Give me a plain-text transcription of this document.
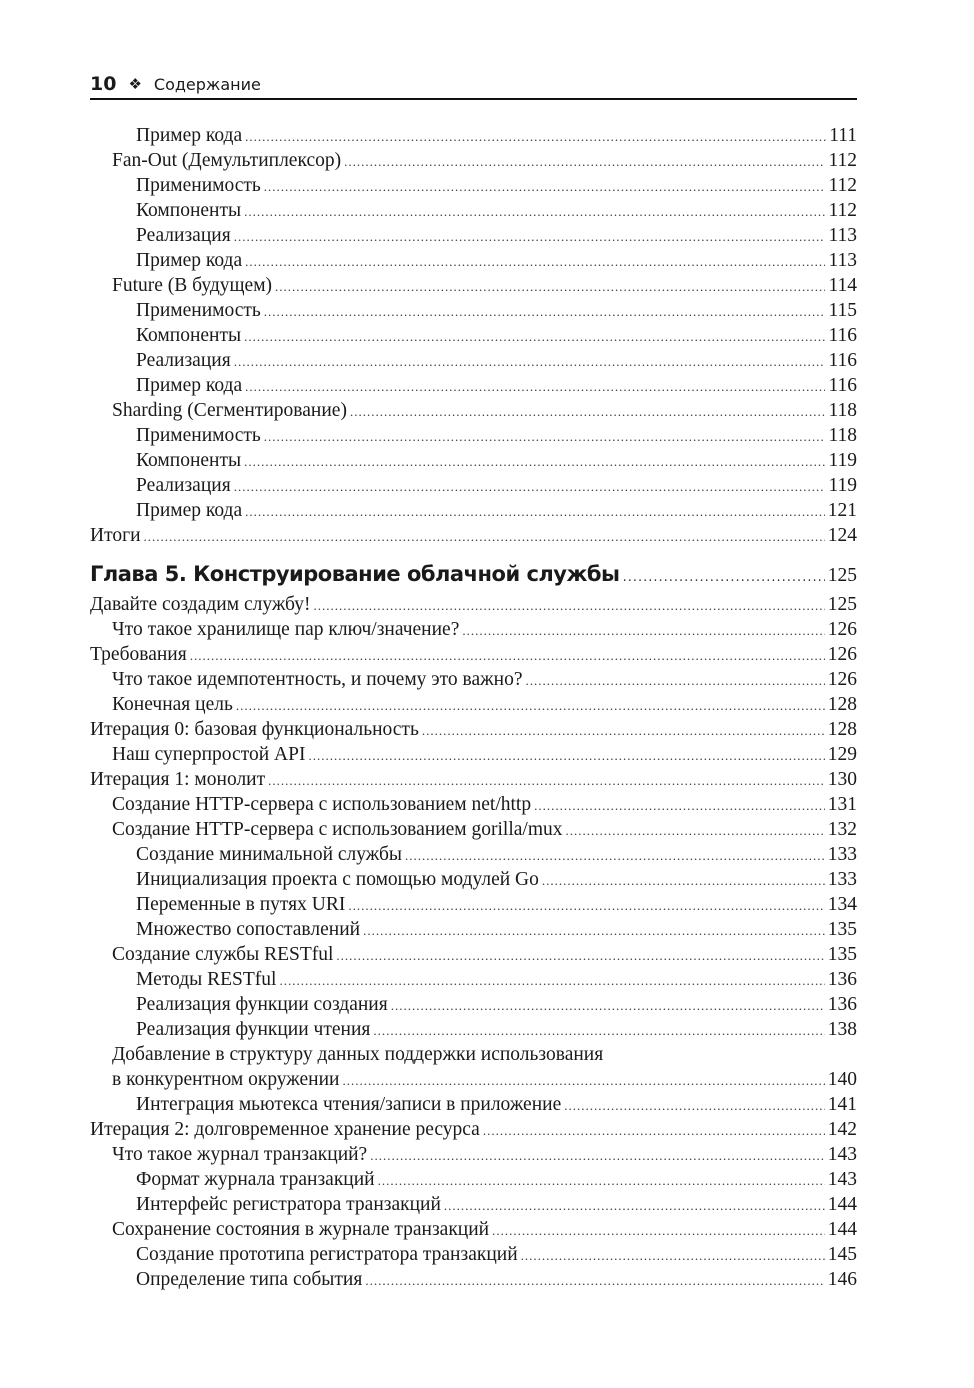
10 ❖ Содержание
Пример кода .....	111
Fan-Out (Демультиплексор) .....	112
Применимость .....	112
Компоненты .....	112
Реализация .....	113
Пример кода .....	113
Future (В будущем) .....	114
Применимость .....	115
Компоненты .....	116
Реализация .....	116
Пример кода .....	116
Sharding (Сегментирование) .....	118
Применимость .....	118
Компоненты .....	119
Реализация .....	119
Пример кода .....	121
Итоги .....	124
Глава 5. Конструирование облачной службы .....	125
Давайте создадим службу! .....	125
Что такое хранилище пар ключ/значение? .....	126
Требования .....	126
Что такое идемпотентность, и почему это важно? .....	126
Конечная цель .....	128
Итерация 0: базовая функциональность .....	128
Наш суперпростой API .....	129
Итерация 1: монолит .....	130
Создание HTTP-сервера с использованием net/http .....	131
Создание HTTP-сервера с использованием gorilla/mux .....	132
Создание минимальной службы .....	133
Инициализация проекта с помощью модулей Go .....	133
Переменные в путях URI .....	134
Множество сопоставлений .....	135
Создание службы RESTful .....	135
Методы RESTful .....	136
Реализация функции создания .....	136
Реализация функции чтения .....	138
Добавление в структуру данных поддержки использования
в конкурентном окружении .....	140
Интеграция мьютекса чтения/записи в приложение .....	141
Итерация 2: долговременное хранение ресурса .....	142
Что такое журнал транзакций? .....	143
Формат журнала транзакций .....	143
Интерфейс регистратора транзакций .....	144
Сохранение состояния в журнале транзакций .....	144
Создание прототипа регистратора транзакций .....	145
Определение типа события .....	146
